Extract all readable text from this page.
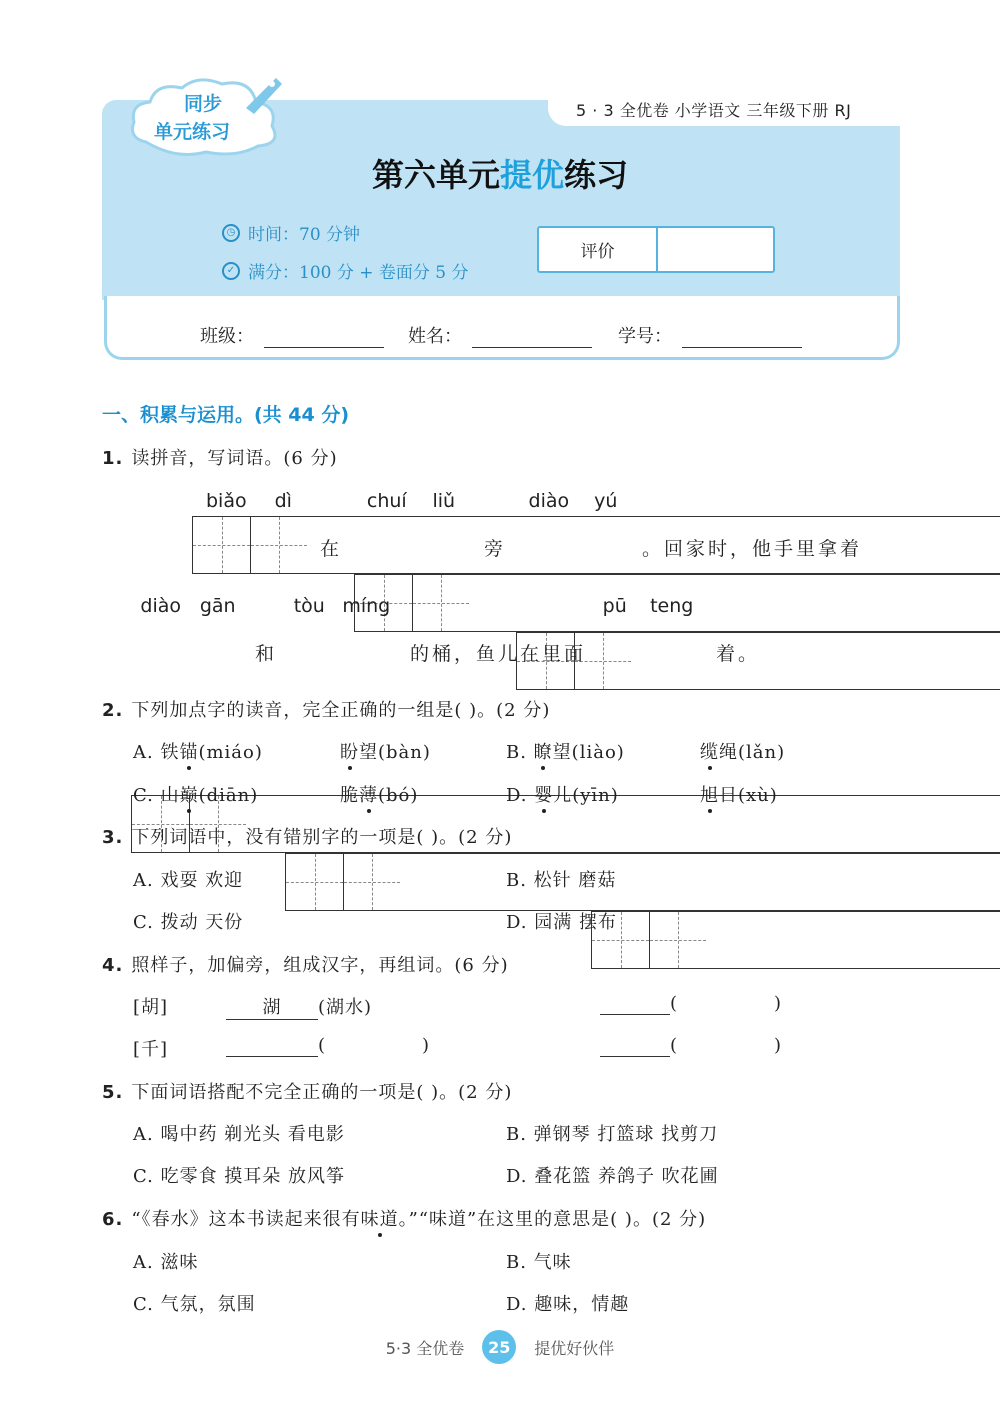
5 · 3 全优卷 小学语文 三年级下册 RJ
同步
单元练习
第六单元提优练习
◷ 时间：70 分钟
✓ 满分：100 分 + 卷面分 5 分
评价
班级：	姓名：	学号：
一、积累与运用。(共 44 分)
1. 读拼音，写词语。(6 分)
biǎo dì
在
chuí liǔ
旁
diào yú
。回家时，他手里拿着
diào gān
和
tòu míng
的桶，鱼儿在里面
pū teng
着。
2. 下列加点字的读音，完全正确的一组是( )。(2 分)
A. 铁锚(miáo)	盼望(bàn)	B. 瞭望(liào)	缆绳(lǎn)
C. 山巅(diān)	脆薄(bó)	D. 婴儿(yīn)	旭日(xù)
3. 下列词语中，没有错别字的一项是( )。(2 分)
A. 戏耍 欢迎	B. 松针 磨菇
C. 拨动 天份	D. 园满 摆布
4. 照样子，加偏旁，组成汉字，再组词。(6 分)
[胡]	湖 (湖水)	(	)
[千]	(	)	(	)
5. 下面词语搭配不完全正确的一项是( )。(2 分)
A. 喝中药 剃光头 看电影	B. 弹钢琴 打篮球 找剪刀
C. 吃零食 摸耳朵 放风筝	D. 叠花篮 养鸽子 吹花圃
6. “《春水》这本书读起来很有味道。”“味道”在这里的意思是( )。(2 分)
A. 滋味	B. 气味
C. 气氛，氛围	D. 趣味，情趣
5·3 全优卷	25	提优好伙伴
